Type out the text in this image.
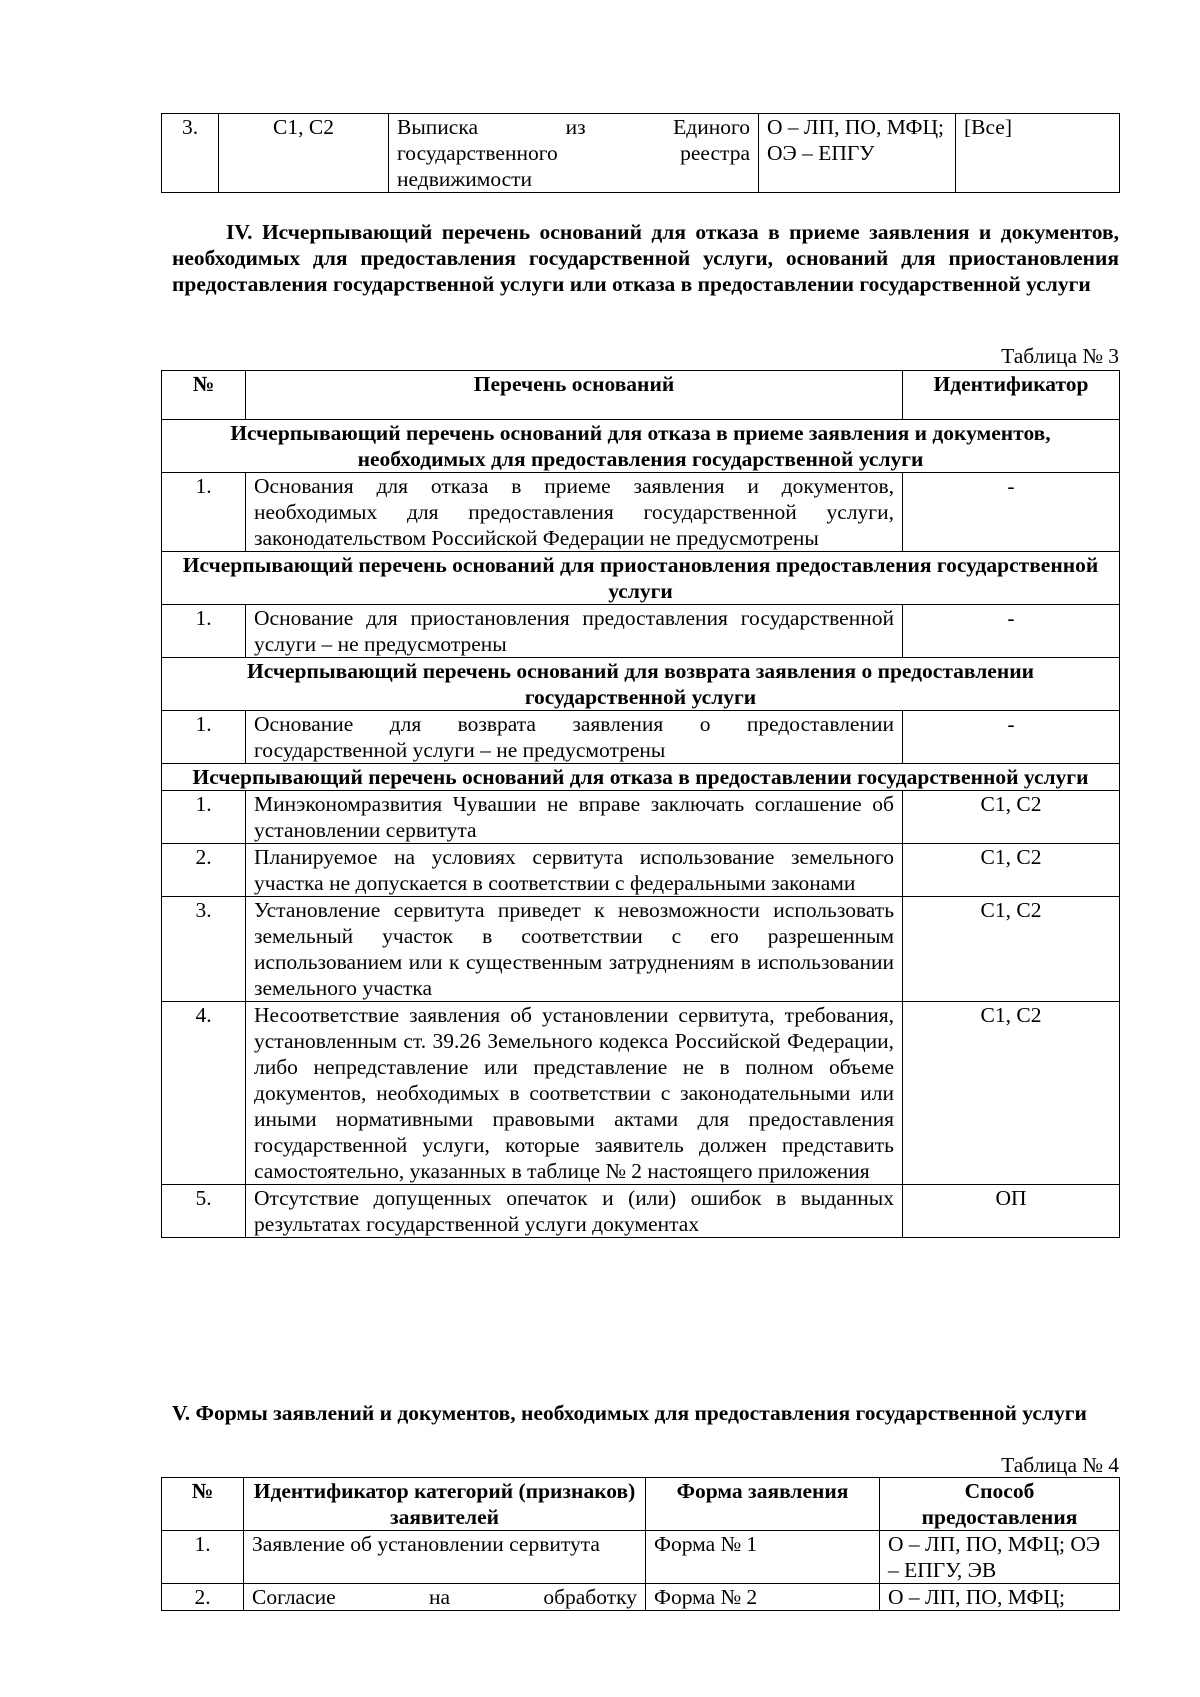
3.	С1, С2	Выписка из Единого государственного реестра недвижимости	О – ЛП, ПО, МФЦ; ОЭ – ЕПГУ	[Все]
IV. Исчерпывающий перечень оснований для отказа в приеме заявления и документов, необходимых для предоставления государственной услуги, оснований для приостановления предоставления государственной услуги или отказа в предоставлении государственной услуги
Таблица № 3
№	Перечень оснований	Идентификатор
Исчерпывающий перечень оснований для отказа в приеме заявления и документов, необходимых для предоставления государственной услуги		
1.	Основания для отказа в приеме заявления и документов, необходимых для предоставления государственной услуги, законодательством Российской Федерации не предусмотрены	-
Исчерпывающий перечень оснований для приостановления предоставления государственной услуги		
1.	Основание для приостановления предоставления государственной услуги – не предусмотрены	-
Исчерпывающий перечень оснований для возврата заявления о предоставлении государственной услуги		
1.	Основание для возврата заявления о предоставлении государственной услуги – не предусмотрены	-
Исчерпывающий перечень оснований для отказа в предоставлении государственной услуги		
1.	Минэкономразвития Чувашии не вправе заключать соглашение об установлении сервитута	С1, С2
2.	Планируемое на условиях сервитута использование земельного участка не допускается в соответствии с федеральными законами	С1, С2
3.	Установление сервитута приведет к невозможности использовать земельный участок в соответствии с его разрешенным использованием или к существенным затруднениям в использовании земельного участка	С1, С2
4.	Несоответствие заявления об установлении сервитута, требования, установленным ст. 39.26 Земельного кодекса Российской Федерации, либо непредставление или представление не в полном объеме документов, необходимых в соответствии с законодательными или иными нормативными правовыми актами для предоставления государственной услуги, которые заявитель должен представить самостоятельно, указанных в таблице № 2 настоящего приложения	С1, С2
5.	Отсутствие допущенных опечаток и (или) ошибок в выданных результатах государственной услуги документах	ОП
V. Формы заявлений и документов, необходимых для предоставления государственной услуги
Таблица № 4
№	Идентификатор категорий (признаков) заявителей	Форма заявления	Способ предоставления
1.	Заявление об установлении сервитута	Форма № 1	О – ЛП, ПО, МФЦ; ОЭ – ЕПГУ, ЭВ
2.	Согласие на обработку	Форма № 2	О – ЛП, ПО, МФЦ;
